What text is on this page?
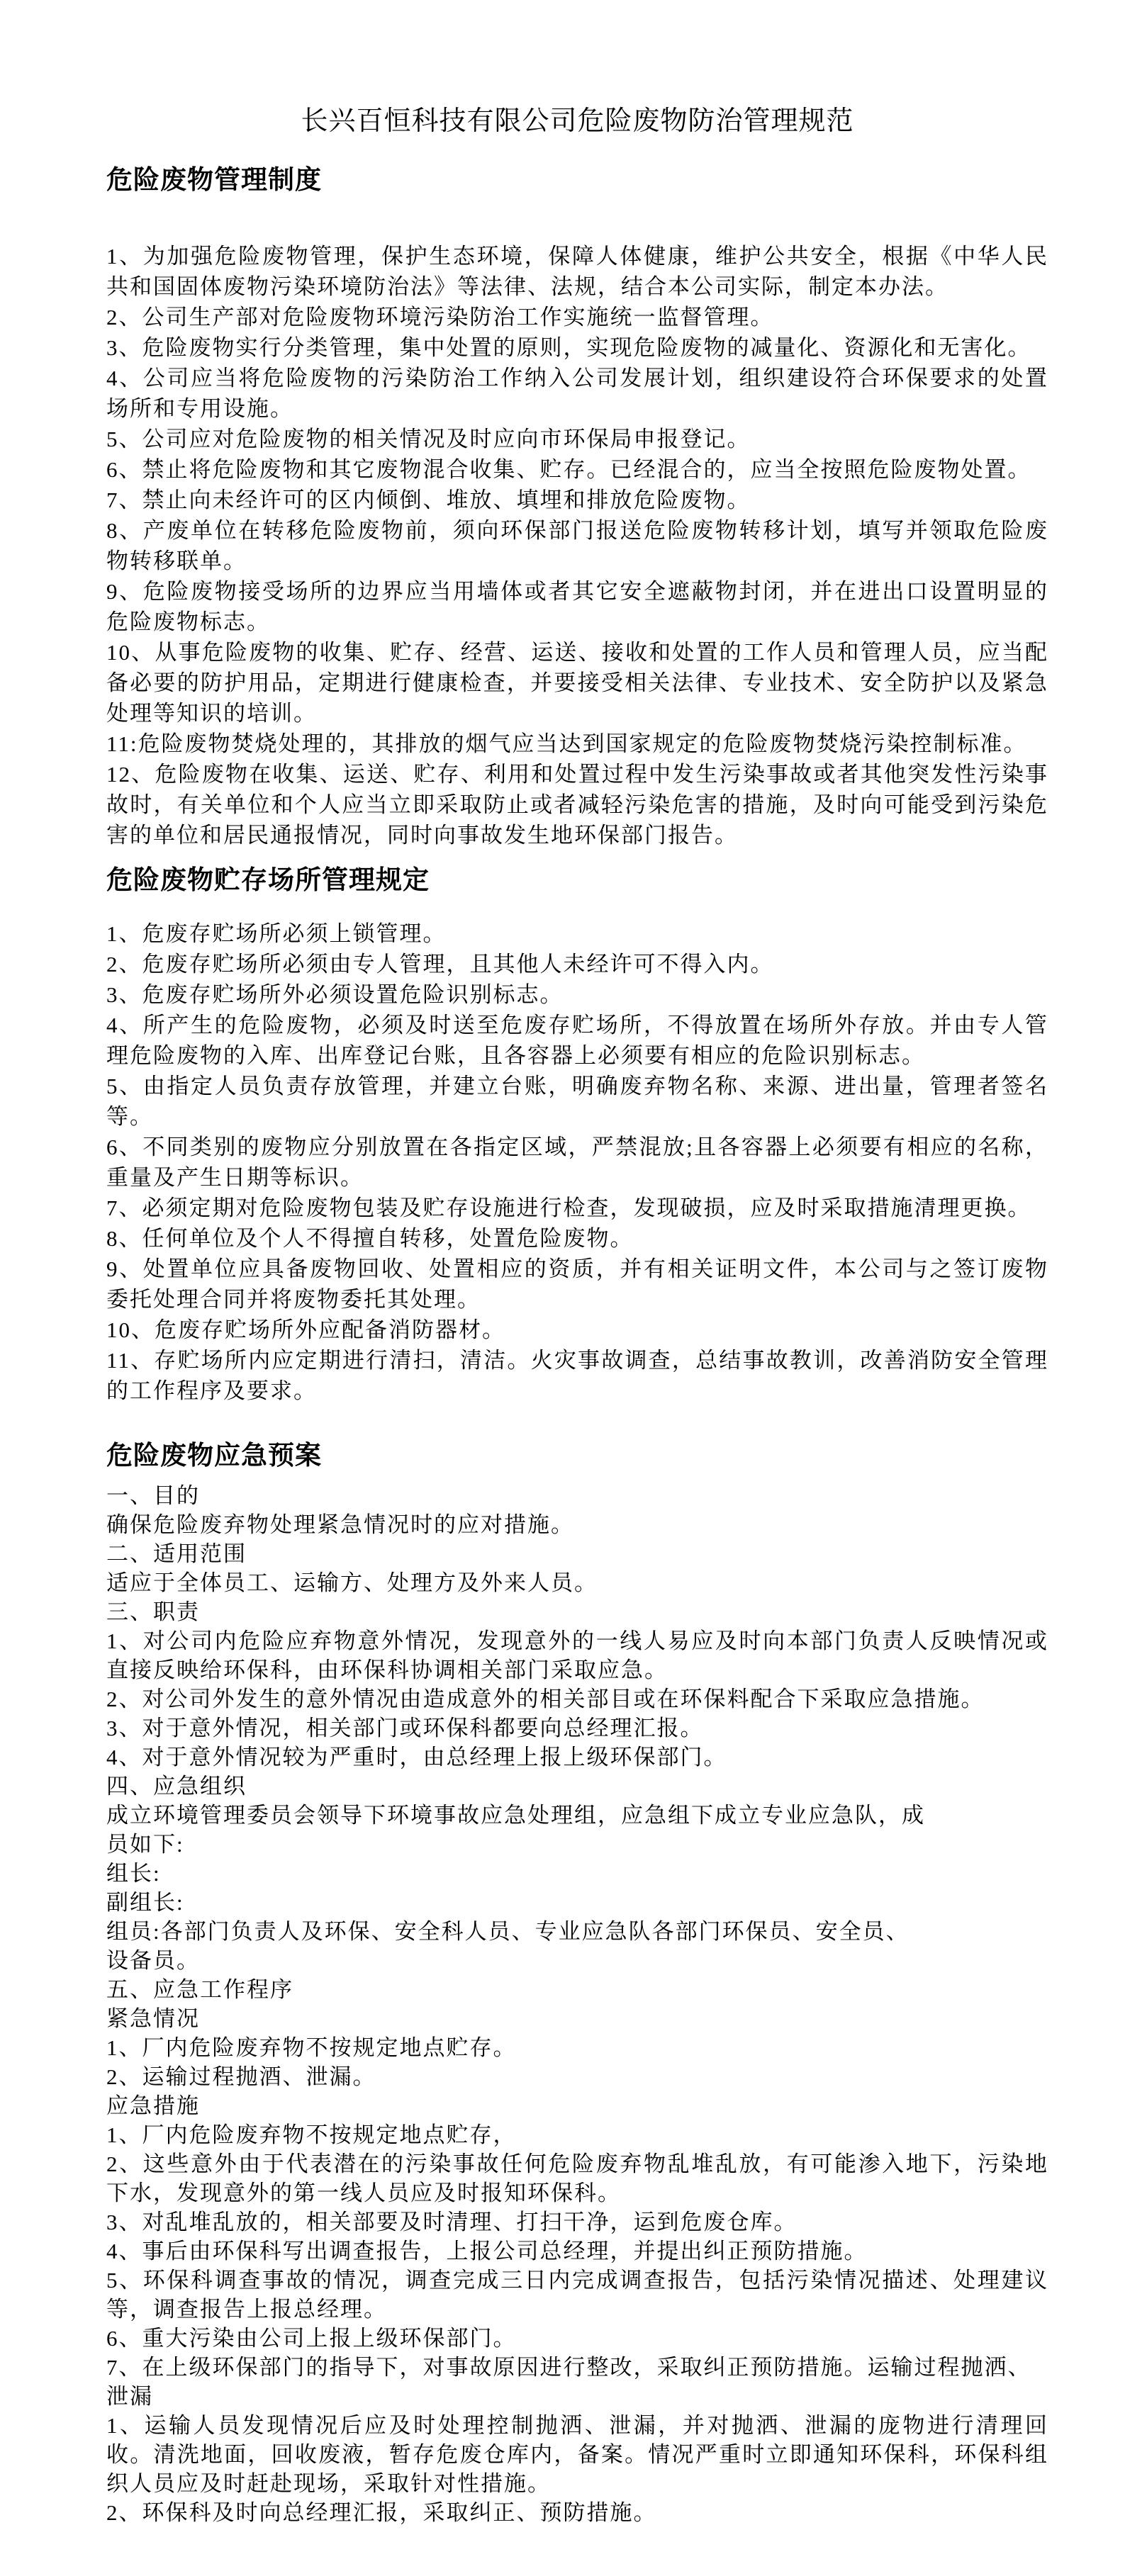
长兴百恒科技有限公司危险废物防治管理规范
危险废物管理制度

1、为加强危险废物管理，保护生态环境，保障人体健康，维护公共安全，根据《中华人民共和国固体废物污染环境防治法》等法律、法规，结合本公司实际，制定本办法。

2、公司生产部对危险废物环境污染防治工作实施统一监督管理。

3、危险废物实行分类管理，集中处置的原则，实现危险废物的减量化、资源化和无害化。

4、公司应当将危险废物的污染防治工作纳入公司发展计划，组织建设符合环保要求的处置场所和专用设施。

5、公司应对危险废物的相关情况及时应向市环保局申报登记。

6、禁止将危险废物和其它废物混合收集、贮存。已经混合的，应当全按照危险废物处置。

7、禁止向未经许可的区内倾倒、堆放、填埋和排放危险废物。

8、产废单位在转移危险废物前，须向环保部门报送危险废物转移计划，填写并领取危险废物转移联单。

9、危险废物接受场所的边界应当用墙体或者其它安全遮蔽物封闭，并在进出口设置明显的危险废物标志。

10、从事危险废物的收集、贮存、经营、运送、接收和处置的工作人员和管理人员，应当配备必要的防护用品，定期进行健康检查，并要接受相关法律、专业技术、安全防护以及紧急处理等知识的培训。

11:危险废物焚烧处理的，其排放的烟气应当达到国家规定的危险废物焚烧污染控制标准。

12、危险废物在收集、运送、贮存、利用和处置过程中发生污染事故或者其他突发性污染事故时，有关单位和个人应当立即采取防止或者减轻污染危害的措施，及时向可能受到污染危害的单位和居民通报情况，同时向事故发生地环保部门报告。

危险废物贮存场所管理规定

1、危废存贮场所必须上锁管理。

2、危废存贮场所必须由专人管理，且其他人未经许可不得入内。

3、危废存贮场所外必须设置危险识别标志。

4、所产生的危险废物，必须及时送至危废存贮场所，不得放置在场所外存放。并由专人管理危险废物的入库、出库登记台账，且各容器上必须要有相应的危险识别标志。

5、由指定人员负责存放管理，并建立台账，明确废弃物名称、来源、进出量，管理者签名等。

6、不同类别的废物应分别放置在各指定区域，严禁混放;且各容器上必须要有相应的名称，重量及产生日期等标识。

7、必须定期对危险废物包装及贮存设施进行检查，发现破损，应及时采取措施清理更换。

8、任何单位及个人不得擅自转移，处置危险废物。

9、处置单位应具备废物回收、处置相应的资质，并有相关证明文件，本公司与之签订废物委托处理合同并将废物委托其处理。

10、危废存贮场所外应配备消防器材。

11、存贮场所内应定期进行清扫，清洁。火灾事故调查，总结事故教训，改善消防安全管理的工作程序及要求。

危险废物应急预案

一、目的

确保危险废弃物处理紧急情况时的应对措施。

二、适用范围

适应于全体员工、运输方、处理方及外来人员。

三、职责

1、对公司内危险应弃物意外情况，发现意外的一线人易应及时向本部门负责人反映情况或直接反映给环保科，由环保科协调相关部门采取应急。

2、对公司外发生的意外情况由造成意外的相关部目或在环保料配合下采取应急措施。

3、对于意外情况，相关部门或环保科都要向总经理汇报。

4、对于意外情况较为严重时，由总经理上报上级环保部门。

四、应急组织

成立环境管理委员会领导下环境事故应急处理组，应急组下成立专业应急队，成

员如下:

组长:

副组长:

组员:各部门负责人及环保、安全科人员、专业应急队各部门环保员、安全员、

设备员。

五、应急工作程序

紧急情况

1、厂内危险废弃物不按规定地点贮存。

2、运输过程抛酒、泄漏。

应急措施

1、厂内危险废弃物不按规定地点贮存，

2、这些意外由于代表潜在的污染事故任何危险废弃物乱堆乱放，有可能渗入地下，污染地下水，发现意外的第一线人员应及时报知环保科。

3、对乱堆乱放的，相关部要及时清理、打扫干净，运到危废仓库。

4、事后由环保科写出调查报告，上报公司总经理，并提出纠正预防措施。

5、环保科调查事故的情况，调查完成三日内完成调查报告，包括污染情况描述、处理建议等，调查报告上报总经理。

6、重大污染由公司上报上级环保部门。

7、在上级环保部门的指导下，对事故原因进行整改，采取纠正预防措施。运输过程抛洒、

泄漏

1、运输人员发现情况后应及时处理控制抛洒、泄漏，并对抛洒、泄漏的庞物进行清理回收。清洗地面，回收废液，暂存危废仓库内，备案。情况严重时立即通知环保科，环保科组织人员应及时赶赴现场，采取针对性措施。

2、环保科及时向总经理汇报，采取纠正、预防措施。
